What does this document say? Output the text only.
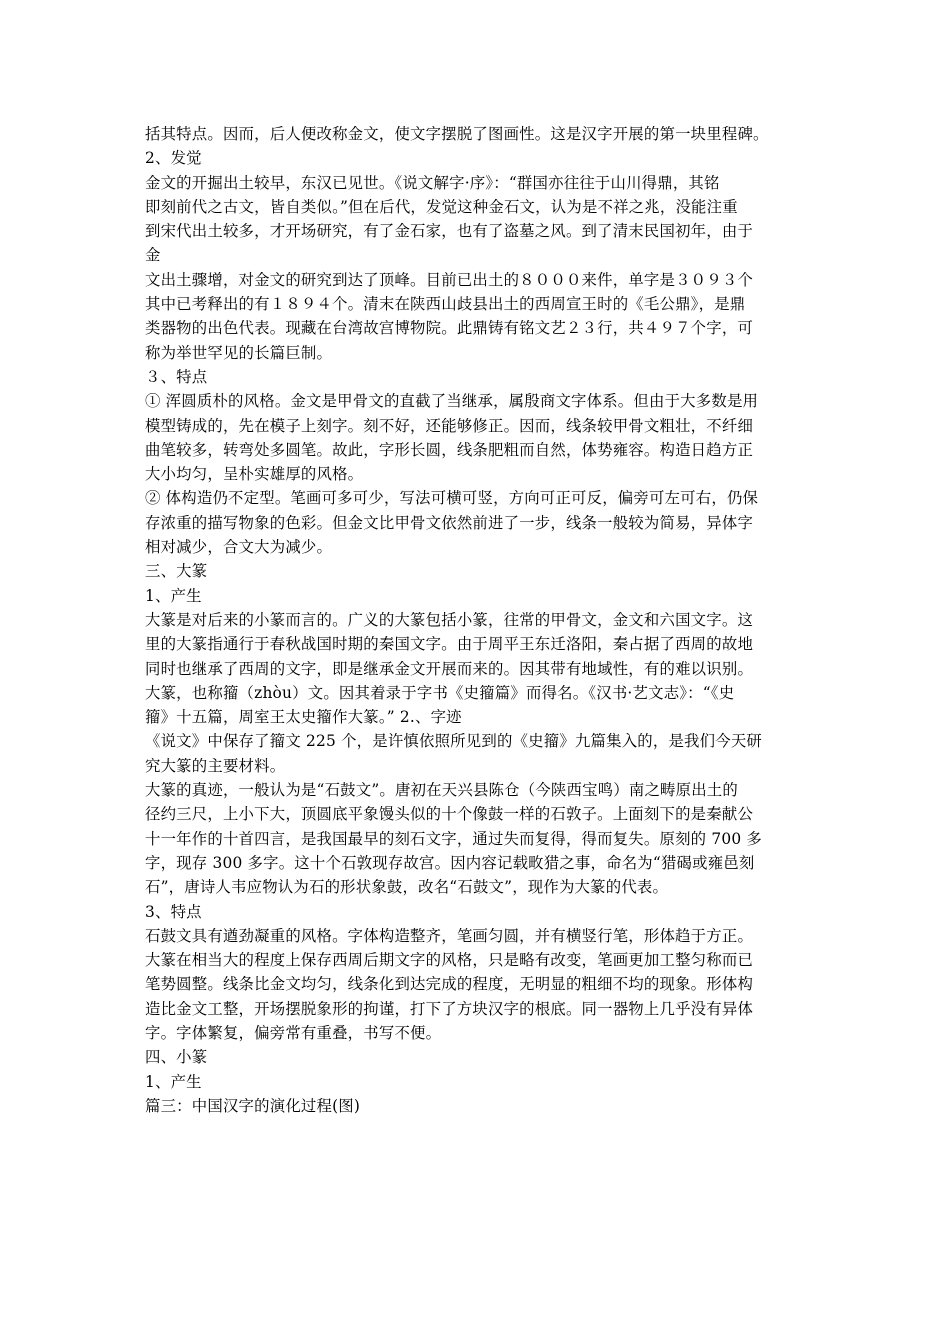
括其特点。因而，后人便改称金文，使文字摆脱了图画性。这是汉字开展的第一块里程碑。

2、发觉

金文的开掘出土较早，东汉已见世。《说文解字·序》：“群国亦往往于山川得鼎，其铭

即刻前代之古文，皆自类似。”但在后代，发觉这种金石文，认为是不祥之兆，没能注重

到宋代出土较多，才开场研究，有了金石家，也有了盗墓之风。到了清末民国初年，由于

金

文出土骤增，对金文的研究到达了顶峰。目前已出土的８０００来件，单字是３０９３个

其中已考释出的有１８９４个。清末在陕西山歧县出土的西周宣王时的《毛公鼎》，是鼎

类器物的出色代表。现藏在台湾故宫博物院。此鼎铸有铭文艺２３行，共４９７个字，可

称为举世罕见的长篇巨制。

３、特点

① 浑圆质朴的风格。金文是甲骨文的直截了当继承，属殷商文字体系。但由于大多数是用

模型铸成的，先在模子上刻字。刻不好，还能够修正。因而，线条较甲骨文粗壮，不纤细

曲笔较多，转弯处多圆笔。故此，字形长圆，线条肥粗而自然，体势雍容。构造日趋方正

大小均匀，呈朴实雄厚的风格。

② 体构造仍不定型。笔画可多可少，写法可横可竖，方向可正可反，偏旁可左可右，仍保

存浓重的描写物象的色彩。但金文比甲骨文依然前进了一步，线条一般较为简易，异体字

相对减少，合文大为减少。

三、大篆

1、产生

大篆是对后来的小篆而言的。广义的大篆包括小篆，往常的甲骨文，金文和六国文字。这

里的大篆指通行于春秋战国时期的秦国文字。由于周平王东迁洛阳，秦占据了西周的故地

同时也继承了西周的文字，即是继承金文开展而来的。因其带有地域性，有的难以识别。

大篆，也称籀（zhòu）文。因其着录于字书《史籀篇》而得名。《汉书·艺文志》：“《史

籀》十五篇，周室王太史籀作大篆。” 2.、字迹

《说文》中保存了籀文 225 个，是许慎依照所见到的《史籀》九篇集入的，是我们今天研

究大篆的主要材料。

大篆的真迹，一般认为是“石鼓文”。唐初在天兴县陈仓（今陕西宝鸣）南之畴原出土的

径约三尺，上小下大，顶圆底平象馒头似的十个像鼓一样的石敦子。上面刻下的是秦献公

十一年作的十首四言，是我国最早的刻石文字，通过失而复得，得而复失。原刻的 700 多

字，现存 300 多字。这十个石敦现存故宫。因内容记载畋猎之事，命名为“猎碣或雍邑刻

石”，唐诗人韦应物认为石的形状象鼓，改名“石鼓文”，现作为大篆的代表。

3、特点

石鼓文具有遒劲凝重的风格。字体构造整齐，笔画匀圆，并有横竖行笔，形体趋于方正。

大篆在相当大的程度上保存西周后期文字的风格，只是略有改变，笔画更加工整匀称而已

笔势圆整。线条比金文均匀，线条化到达完成的程度，无明显的粗细不均的现象。形体构

造比金文工整，开场摆脱象形的拘谨，打下了方块汉字的根底。同一器物上几乎没有异体

字。字体繁复，偏旁常有重叠，书写不便。

四、小篆

1、产生

篇三：中国汉字的演化过程(图)
